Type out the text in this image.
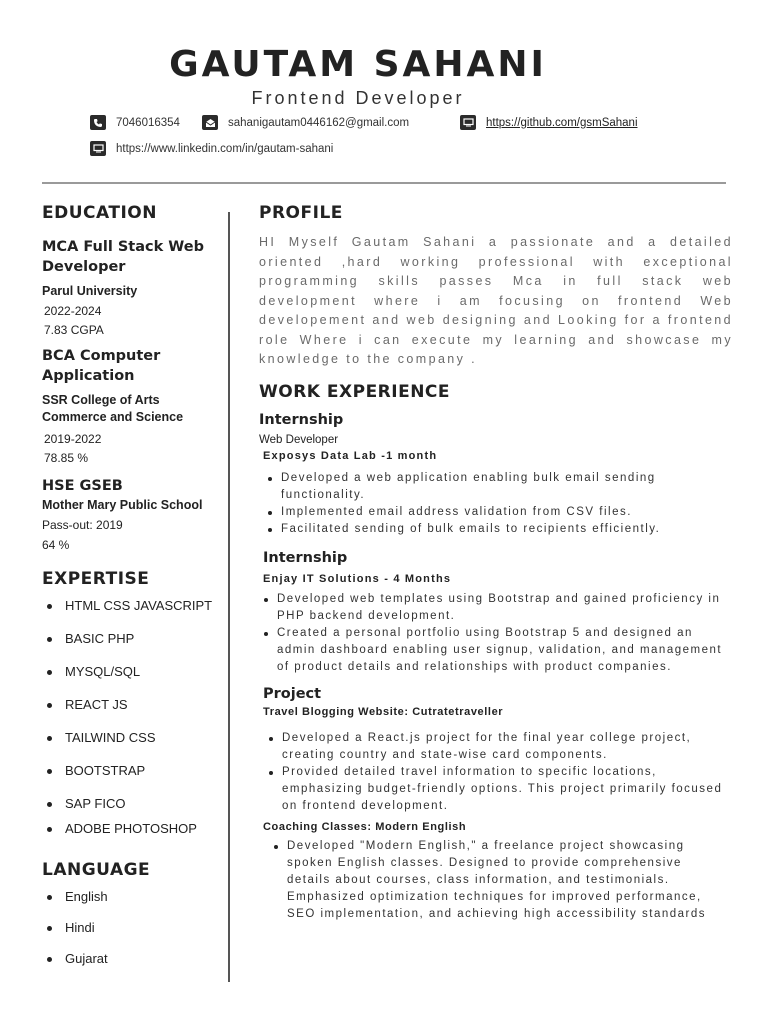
GAUTAM SAHANI
Frontend Developer
7046016354	sahanigautam0446162@gmail.com	https://github.com/gsmSahani
https://www.linkedin.com/in/gautam-sahani
EDUCATION
MCA Full Stack Web Developer
Parul University
2022-2024
7.83 CGPA
BCA Computer Application
SSR College of Arts Commerce and Science
2019-2022
78.85 %
HSE GSEB
Mother Mary Public School
Pass-out: 2019
64 %
EXPERTISE
HTML CSS JAVASCRIPT
BASIC PHP
MYSQL/SQL
REACT JS
TAILWIND CSS
BOOTSTRAP
SAP FICO
ADOBE PHOTOSHOP
LANGUAGE
English
Hindi
Gujarat
PROFILE
HI Myself Gautam Sahani a passionate and a detailed oriented ,hard working professional with exceptional programming skills passes Mca in full stack web development where i am focusing on frontend Web developement and web designing and Looking for a frontend role Where i can execute my learning and showcase my knowledge to the company .
WORK EXPERIENCE
Internship
Web Developer
Exposys Data Lab -1 month
Developed a web application enabling bulk email sending functionality.
Implemented email address validation from CSV files.
Facilitated sending of bulk emails to recipients efficiently.
Internship
Enjay IT Solutions - 4 Months
Developed web templates using Bootstrap and gained proficiency in PHP backend development.
Created a personal portfolio using Bootstrap 5 and designed an admin dashboard enabling user signup, validation, and management of product details and relationships with product companies.
Project
Travel Blogging Website: Cutratetraveller
Developed a React.js project for the final year college project, creating country and state-wise card components.
Provided detailed travel information to specific locations, emphasizing budget-friendly options. This project primarily focused on frontend development.
Coaching Classes: Modern English
Developed "Modern English," a freelance project showcasing spoken English classes. Designed to provide comprehensive details about courses, class information, and testimonials. Emphasized optimization techniques for improved performance, SEO implementation, and achieving high accessibility standards
